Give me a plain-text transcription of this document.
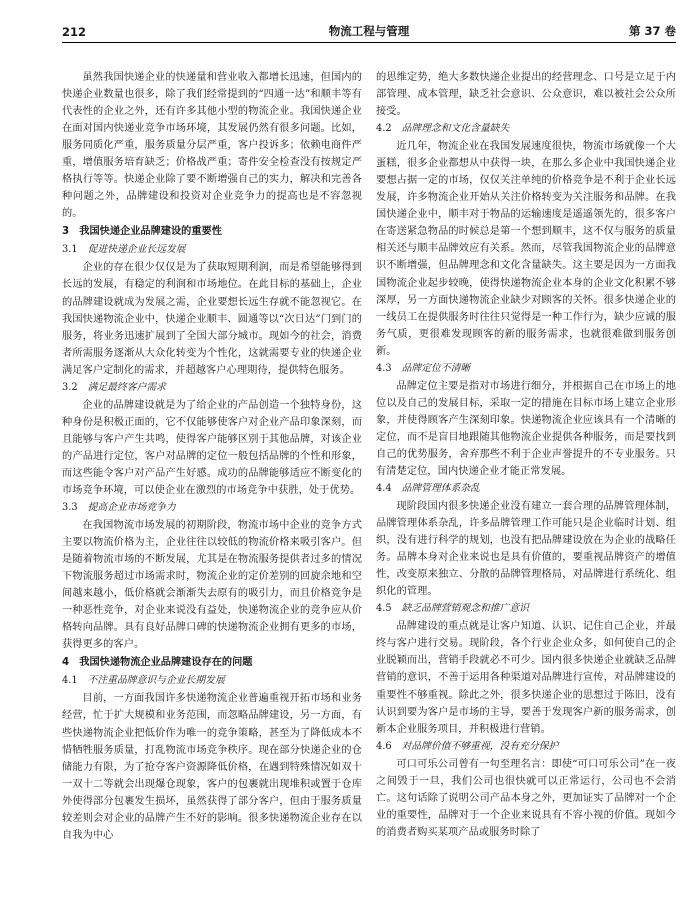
212	物流工程与管理	第 37 卷

虽然我国快递企业的快递量和营业收入都增长迅速，但国内的快递企业数量也很多，除了我们经常提到的“四通一达”和顺丰等有代表性的企业之外，还有许多其他小型的物流企业。我国快递企业在面对国内快递业竞争市场环境，其发展仍然有很多问题。比如，服务同质化严重，服务质量分层严重，客户投诉多；依赖电商件严重，增值服务培育缺乏；价格战严重；寄件安全检查没有按规定严格执行等等。快递企业除了要不断增强自己的实力，解决和完善各种问题之外，品牌建设和投资对企业竞争力的提高也是不容忽视的。

3　我国快递企业品牌建设的重要性
3.1 促进快递企业长远发展

企业的存在很少仅仅是为了获取短期利润，而是希望能够得到长远的发展，有稳定的利润和市场地位。在此目标的基础上，企业的品牌建设就成为发展之需，企业要想长远生存就不能忽视它。在我国快递物流企业中，快递企业顺丰、圆通等以“次日达”门到门的服务，将业务迅速扩展到了全国大部分城市。现如今的社会，消费者所需服务逐渐从大众化转变为个性化，这就需要专业的快递企业满足客户定制化的需求，并超越客户心理期待，提供特色服务。

3.2 满足最终客户需求

企业的品牌建设就是为了给企业的产品创造一个独特身份，这种身份是积极正面的，它不仅能够使客户对企业产品印象深刻，而且能够与客户产生共鸣，使得客户能够区别于其他品牌，对该企业的产品进行定位，客户对品牌的定位一般包括品牌的个性和形象，而这些能令客户对产品产生好感。成功的品牌能够适应不断变化的市场竞争环境，可以使企业在激烈的市场竞争中获胜，处于优势。

3.3 提高企业市场竞争力

在我国物流市场发展的初期阶段，物流市场中企业的竞争方式主要以物流价格为主，企业往往以较低的物流价格来吸引客户。但是随着物流市场的不断发展，尤其是在物流服务提供者过多的情况下物流服务超过市场需求时，物流企业的定价差别的回旋余地和空间越来越小，低价格就会渐渐失去原有的吸引力，而且价格竞争是一种恶性竞争，对企业来说没有益处，快递物流企业的竞争应从价格转向品牌。具有良好品牌口碑的快递物流企业拥有更多的市场，获得更多的客户。

4　我国快递物流企业品牌建设存在的问题
4.1 不注重品牌意识与企业长期发展

目前，一方面我国许多快递物流企业普遍重视开拓市场和业务经营，忙于扩大规模和业务范围，而忽略品牌建设，另一方面，有些快递物流企业把低价作为唯一的竞争策略，甚至为了降低成本不惜牺牲服务质量，打乱物流市场竞争秩序。现在部分快递企业的仓储能力有限，为了抢夺客户资源降低价格，在遇到特殊情况如双十一双十二等就会出现爆仓现象，客户的包裹就出现堆积或置于仓库外使得部分包裹发生损坏，虽然获得了部分客户，但由于服务质量较差则会对企业的品牌产生不好的影响。很多快递物流企业存在以自我为中心

的思维定势，绝大多数快递企业提出的经营理念、口号是立足于内部管理、成本管理，缺乏社会意识、公众意识，难以被社会公众所接受。

4.2 品牌理念和文化含量缺失

近几年，物流企业在我国发展速度很快，物流市场就像一个大蛋糕，很多企业都想从中获得一块，在那么多企业中我国快递企业要想占据一定的市场，仅仅关注单纯的价格竞争是不利于企业长远发展，许多物流企业开始从关注价格转变为关注服务和品牌。在我国快递企业中，顺丰对于物品的运输速度是遥遥领先的，很多客户在寄送紧急物品的时候总是第一个想到顺丰，这不仅与服务的质量相关还与顺丰品牌效应有关系。然而，尽管我国物流企业的品牌意识不断增强，但品牌理念和文化含量缺失。这主要是因为一方面我国物流企业起步较晚，使得快递物流企业本身的企业文化积累不够深厚，另一方面快递物流企业缺少对顾客的关怀。很多快递企业的一线员工在提供服务时往往只觉得是一种工作行为，缺少应诚的服务气质，更很难发现顾客的新的服务需求，也就很难做到服务创新。

4.3 品牌定位不清晰

品牌定位主要是指对市场进行细分，并根据自己在市场上的地位以及自己的发展目标，采取一定的措施在目标市场上建立企业形象，并使得顾客产生深刻印象。快递物流企业应该具有一个清晰的定位，而不是盲目地跟随其他物流企业提供各种服务，而是要找到自己的优势服务，舍弃那些不利于企业声誉提升的不专业服务。只有清楚定位，国内快递企业才能正常发展。

4.4 品牌管理体系杂乱

现阶段国内很多快递企业没有建立一套合理的品牌管理体制，品牌管理体系杂乱，许多品牌管理工作可能只是企业临时计划、组织，没有进行科学的规划，也没有把品牌建设放在为企业的战略任务。品牌本身对企业来说也是具有价值的，要重视品牌资产的增值性，改变原来独立、分散的品牌管理格局，对品牌进行系统化、组织化的管理。

4.5 缺乏品牌营销观念和推广意识

品牌建设的重点就是让客户知道、认识、记住自己企业，并最终与客户进行交易。现阶段，各个行业企业众多，如何使自己的企业脱颖而出，营销手段就必不可少。国内很多快递企业就缺乏品牌营销的意识，不善于运用各种渠道对品牌进行宣传，对品牌建设的重要性不够重视。除此之外，很多快递企业的思想过于陈旧，没有认识到要为客户是市场的主导，要善于发现客户新的服务需求，创新本企业服务项目，并积极进行营销。

4.6 对品牌价值不够重视，没有充分保护

可口可乐公司曾有一句至理名言：即使“可口可乐公司”在一夜之间毁于一旦，我们公司也很快就可以正常运行，公司也不会消亡。这句话除了说明公司产品本身之外，更加证实了品牌对一个企业的重要性，品牌对于一个企业来说具有不容小视的价值。现如今的消费者购买某项产品或服务时除了
